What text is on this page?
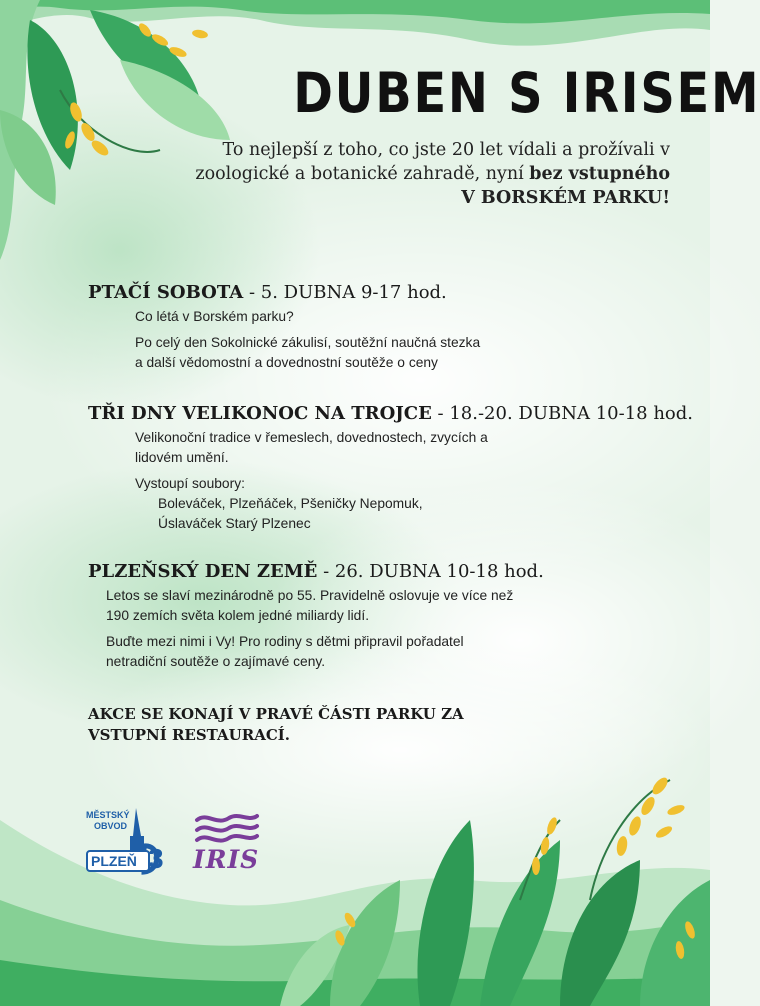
DUBEN S IRISEM
To nejlepší z toho, co jste 20 let vídali a prožívali v
zoologické a botanické zahradě, nyní bez vstupného
V BORSKÉM PARKU!
PTAČÍ SOBOTA - 5. DUBNA 9-17 hod.

Co létá v Borském parku?

Po celý den Sokolnické zákulisí, soutěžní naučná stezka
a další vědomostní a dovednostní soutěže o ceny

TŘI DNY VELIKONOC NA TROJCE - 18.-20. DUBNA 10-18 hod.

Velikonoční tradice v řemeslech, dovednostech, zvycích a
lidovém umění.

Vystoupí soubory:

Boleváček, Plzeňáček, Pšeničky Nepomuk,
Úslaváček Starý Plzenec

PLZEŇSKÝ DEN ZEMĚ - 26. DUBNA 10-18 hod.

Letos se slaví mezinárodně po 55. Pravidelně oslovuje ve více než
190 zemích světa kolem jedné miliardy lidí.

Buďte mezi nimi i Vy! Pro rodiny s dětmi připravil pořadatel
netradiční soutěže o zajímavé ceny.

AKCE SE KONAJÍ V PRAVÉ ČÁSTI PARKU ZA
VSTUPNÍ RESTAURACÍ.
MĚSTSKÝ
OBVOD
PLZEŇ 3 IRIS
